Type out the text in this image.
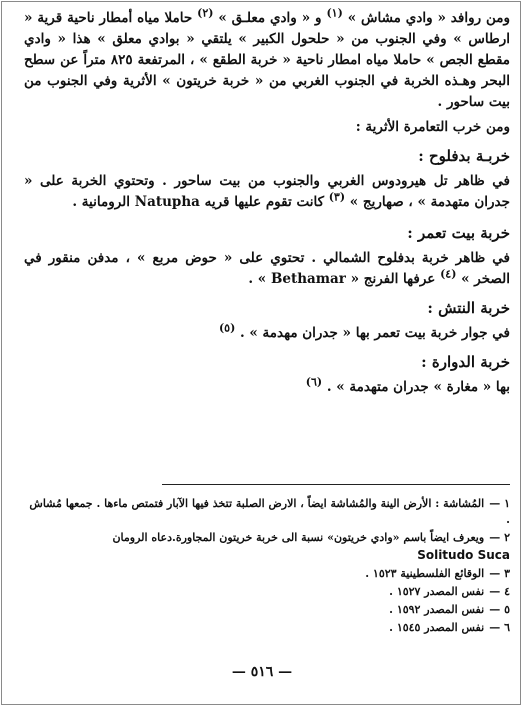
ومن روافد « وادي مشاش » $^{(١)}$ و « وادي معلـق » $^{(٢)}$ حاملا مياه أمطار ناحية قرية « ارطاس » وفي الجنوب من « حلحول الكبير » يلتقي « بوادي معلق » هذا « وادي مقطع الجص » حاملا مياه امطار ناحية « خربة الطقع » ، المرتفعة ٨٢٥ متراً عن سطح البحر وهـذه الخربة في الجنوب الغربي من « خربة خريتون » الأثرية وفي الجنوب من بيت ساحور .

ومن خرب التعامرة الأثرية :

خربـة بدفلوح :

في ظاهر تل هيرودوس الغربي والجنوب من بيت ساحور . وتحتوي الخربة على « جدران متهدمة » ، صهاريج » $^{(٣)}$ كانت تقوم عليها قريه Natupha الرومانية .

خربة بيت تعمر :

في ظاهر خربة بدفلوح الشمالي . تحتوي على « حوض مربع » ، مدفن منقور في الصخر » $^{(٤)}$ عرفها الفرنج « Bethamar » .

خربة النتش :

في جوار خربة بيت تعمر بها « جدران مهدمة » . $^{(٥)}$

خربة الدوارة :

بها « مغارة » جدران متهدمة » . $^{(٦)}$

١ — المُشاشة : الأرض الينة والمُشاشة ايضاً ، الارض الصلبة تتخذ فيها الآبار فتمتص ماءها . جمعها مُشاش .

٢ — ويعرف ايضاً باسم «وادي خريتون» نسبة الى خربة خريتون المجاورة.دعاه الرومان

Solitudo Suca

٣ — الوقائع الفلسطينية ١٥٢٣ .

٤ — نفس المصدر ١٥٢٧ .

٥ — نفس المصدر ١٥٩٢ .

٦ — نفس المصدر ١٥٤٥ .

— ٥١٦ —
